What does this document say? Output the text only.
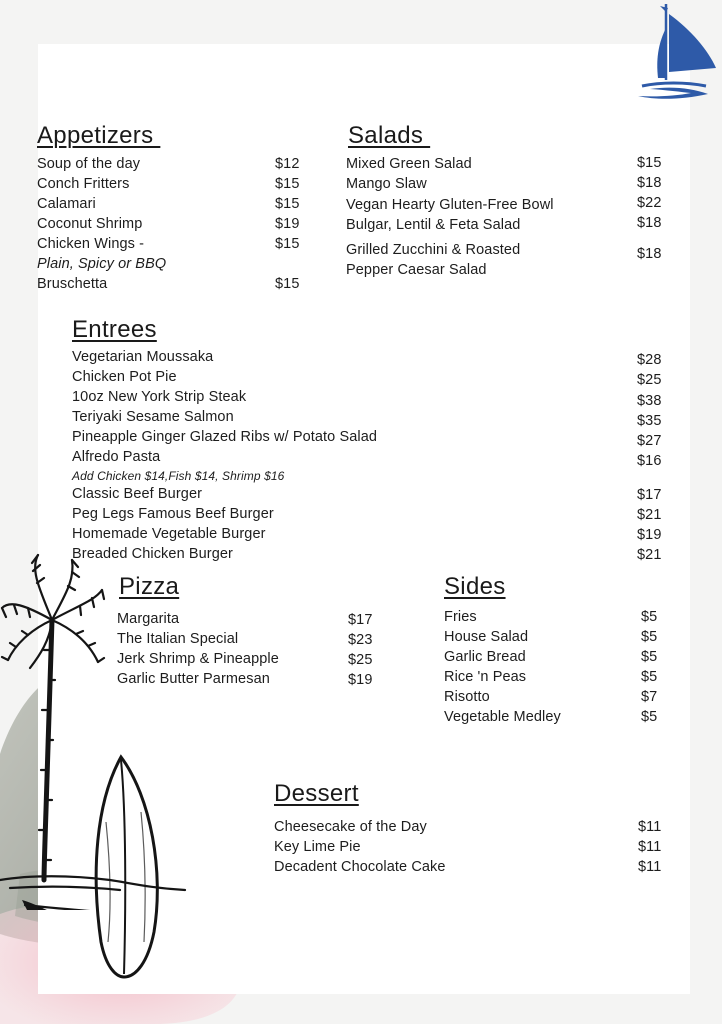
Appetizers
Soup of the day	$12
Conch Fritters	$15
Calamari	$15
Coconut Shrimp	$19
Chicken Wings -	$15
Plain, Spicy or BBQ
Bruschetta	$15
Salads
Mixed Green Salad	$15
Mango Slaw	$18
Vegan Hearty Gluten-Free Bowl	$22
Bulgar, Lentil & Feta Salad	$18
Grilled Zucchini & Roasted	$18
Pepper Caesar Salad
Entrees
Vegetarian Moussaka	$28
Chicken Pot Pie	$25
10oz New York Strip Steak	$38
Teriyaki Sesame Salmon	$35
Pineapple Ginger Glazed Ribs w/ Potato Salad	$27
Alfredo Pasta	$16
Add Chicken $14,Fish $14, Shrimp $16
Classic Beef Burger	$17
Peg Legs Famous Beef Burger	$21
Homemade Vegetable Burger	$19
Breaded Chicken Burger	$21
Pizza
Margarita	$17
The Italian Special	$23
Jerk Shrimp & Pineapple	$25
Garlic Butter Parmesan	$19
Sides
Fries	$5
House Salad	$5
Garlic Bread	$5
Rice 'n Peas	$5
Risotto	$7
Vegetable Medley	$5
Dessert
Cheesecake of the Day	$11
Key Lime Pie	$11
Decadent Chocolate Cake	$11
